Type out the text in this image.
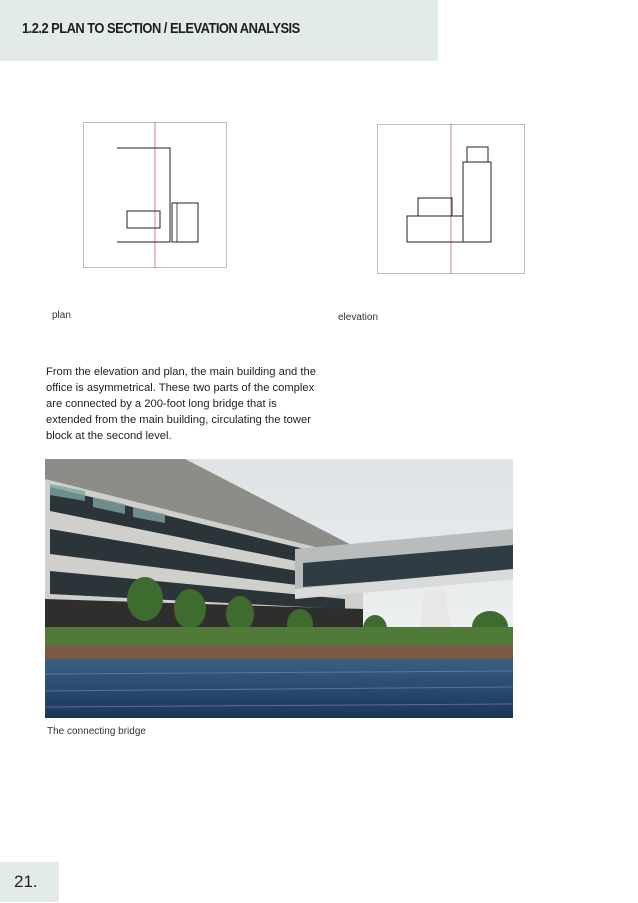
1.2.2 PLAN TO SECTION / ELEVATION ANALYSIS
plan	elevation
From the elevation and plan, the main building and the office is asymmetrical. These two parts of the complex are connected by a 200-foot long bridge that is extended from the main building, circulating the tower block at the second level.
The connecting bridge
21.
